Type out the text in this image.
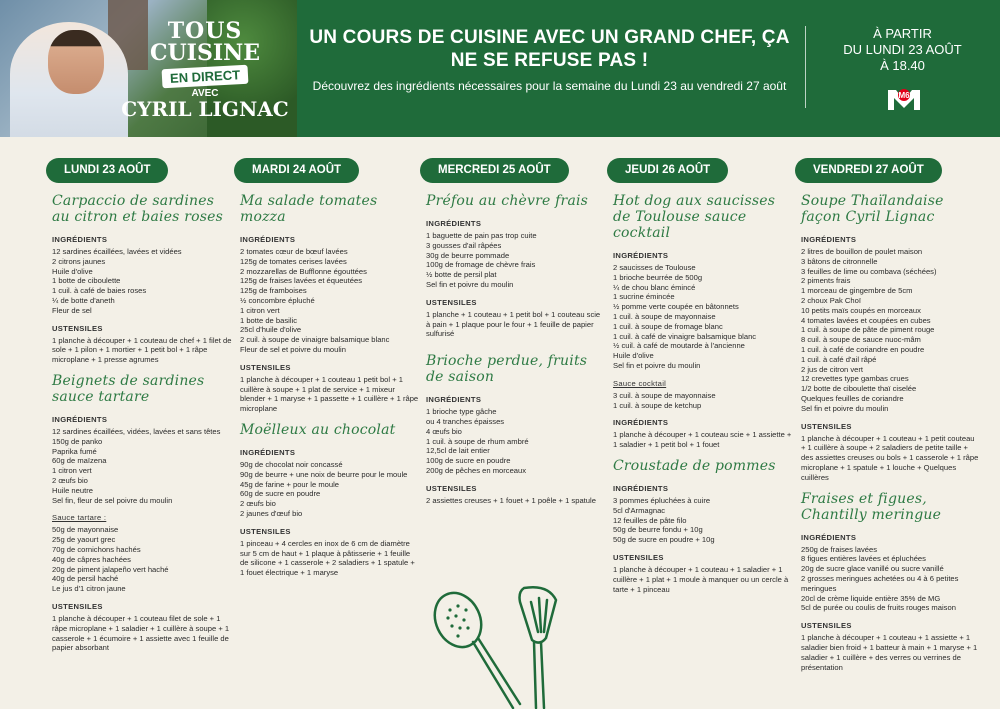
TOUS
CUISINE
EN DIRECT
AVEC
CYRIL LIGNAC
UN COURS DE CUISINE AVEC UN GRAND CHEF, ÇA NE SE REFUSE PAS !
Découvrez des ingrédients nécessaires pour la semaine du Lundi 23 au vendredi 27 août
À PARTIR
DU LUNDI 23 AOÛT
À 18.40
M6
LUNDI 23 AOÛT
Carpaccio de sardines au citron et baies roses
INGRÉDIENTS
12 sardines écaillées, lavées et vidées
2 citrons jaunes
Huile d'olive
1 botte de ciboulette
1 cuil. à café de baies roses
¼ de botte d'aneth
Fleur de sel
USTENSILES
1 planche à découper + 1 couteau de chef + 1 filet de sole + 1 pilon + 1 mortier + 1 petit bol + 1 râpe microplane + 1 presse agrumes
Beignets de sardines sauce tartare
INGRÉDIENTS
12 sardines écaillées, vidées, lavées et sans têtes
150g de panko
Paprika fumé
60g de maïzena
1 citron vert
2 œufs bio
Huile neutre
Sel fin, fleur de sel poivre du moulin
Sauce tartare :
50g de mayonnaise
25g de yaourt grec
70g de cornichons hachés
40g de câpres hachées
20g de piment jalapeño vert haché
40g de persil haché
Le jus d'1 citron jaune
USTENSILES
1 planche à découper + 1 couteau filet de sole + 1 râpe microplane + 1 saladier + 1 cuillère à soupe + 1 casserole + 1 écumoire + 1 assiette avec 1 feuille de papier absorbant
MARDI 24 AOÛT
Ma salade tomates mozza
INGRÉDIENTS
2 tomates cœur de bœuf lavées
125g de tomates cerises lavées
2 mozzarellas de Bufflonne égouttées
125g de fraises lavées et équeutées
125g de framboises
½ concombre épluché
1 citron vert
1 botte de basilic
25cl d'huile d'olive
2 cuil. à soupe de vinaigre balsamique blanc
Fleur de sel et poivre du moulin
USTENSILES
1 planche à découper + 1 couteau 1 petit bol + 1 cuillère à soupe + 1 plat de service + 1 mixeur blender + 1 maryse + 1 passette + 1 cuillère + 1 râpe microplane
Moëlleux au chocolat
INGRÉDIENTS
90g de chocolat noir concassé
90g de beurre + une noix de beurre pour le moule
45g de farine + pour le moule
60g de sucre en poudre
2 œufs bio
2 jaunes d'œuf bio
USTENSILES
1 pinceau + 4 cercles en inox de 6 cm de diamètre sur 5 cm de haut + 1 plaque à pâtisserie + 1 feuille de silicone + 1 casserole + 2 saladiers + 1 spatule + 1 fouet électrique + 1 maryse
MERCREDI 25 AOÛT
Préfou au chèvre frais
INGRÉDIENTS
1 baguette de pain pas trop cuite
3 gousses d'ail râpées
30g de beurre pommade
100g de fromage de chèvre frais
½ botte de persil plat
Sel fin et poivre du moulin
USTENSILES
1 planche + 1 couteau + 1 petit bol + 1 couteau scie à pain + 1 plaque pour le four + 1 feuille de papier sulfurisé
Brioche perdue, fruits de saison
INGRÉDIENTS
1 brioche type gâche
ou 4 tranches épaisses
4 œufs bio
1 cuil. à soupe de rhum ambré
12,5cl de lait entier
100g de sucre en poudre
200g de pêches en morceaux
USTENSILES
2 assiettes creuses + 1 fouet + 1 poêle + 1 spatule
JEUDI 26 AOÛT
Hot dog aux saucisses de Toulouse sauce cocktail
INGRÉDIENTS
2 saucisses de Toulouse
1 brioche beurrée de 500g
¼ de chou blanc émincé
1 sucrine émincée
½ pomme verte coupée en bâtonnets
1 cuil. à soupe de mayonnaise
1 cuil. à soupe de fromage blanc
1 cuil. à café de vinaigre balsamique blanc
½ cuil. à café de moutarde à l'ancienne
Huile d'olive
Sel fin et poivre du moulin
Sauce cocktail
3 cuil. à soupe de mayonnaise
1 cuil. à soupe de ketchup
INGRÉDIENTS
1 planche à découper + 1 couteau scie + 1 assiette + 1 saladier + 1 petit bol + 1 fouet
Croustade de pommes
INGRÉDIENTS
3 pommes épluchées à cuire
5cl d'Armagnac
12 feuilles de pâte filo
50g de beurre fondu + 10g
50g de sucre en poudre + 10g
USTENSILES
1 planche à découper + 1 couteau + 1 saladier + 1 cuillère + 1 plat + 1 moule à manquer ou un cercle à tarte + 1 pinceau
VENDREDI 27 AOÛT
Soupe Thaïlandaise façon Cyril Lignac
INGRÉDIENTS
2 litres de bouillon de poulet maison
3 bâtons de citronnelle
3 feuilles de lime ou combava (séchées)
2 piments frais
1 morceau de gingembre de 5cm
2 choux Pak Choï
10 petits maïs coupés en morceaux
4 tomates lavées et coupées en cubes
1 cuil. à soupe de pâte de piment rouge
8 cuil. à soupe de sauce nuoc-mâm
1 cuil. à café de coriandre en poudre
1 cuil. à café d'ail râpé
2 jus de citron vert
12 crevettes type gambas crues
1/2 botte de ciboulette thaï ciselée
Quelques feuilles de coriandre
Sel fin et poivre du moulin
USTENSILES
1 planche à découper + 1 couteau + 1 petit couteau + 1 cuillère à soupe + 2 saladiers de petite taille + des assiettes creuses ou bols + 1 casserole + 1 râpe microplane + 1 spatule + 1 louche + Quelques cuillères
Fraises et figues, Chantilly meringue
INGRÉDIENTS
250g de fraises lavées
8 figues entières lavées et épluchées
20g de sucre glace vanillé ou sucre vanillé
2 grosses meringues achetées ou 4 à 6 petites meringues
20cl de crème liquide entière 35% de MG
5cl de purée ou coulis de fruits rouges maison
USTENSILES
1 planche à découper + 1 couteau + 1 assiette + 1 saladier bien froid + 1 batteur à main + 1 maryse + 1 saladier + 1 cuillère + des verres ou verrines de présentation
